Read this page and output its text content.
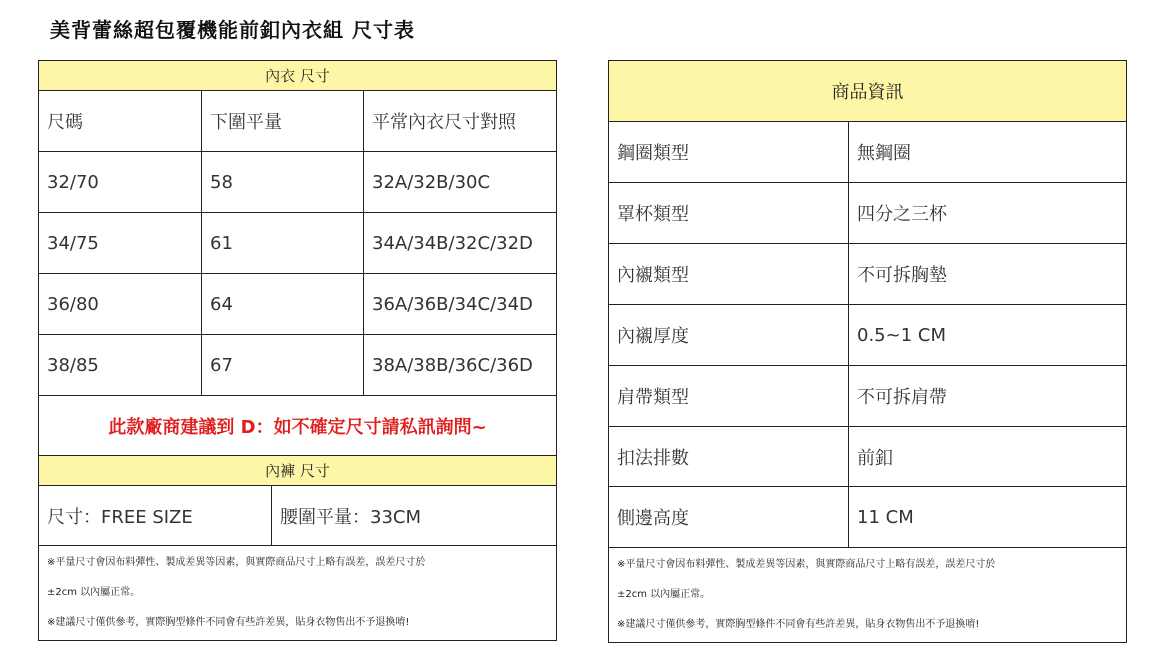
美背蕾絲超包覆機能前釦內衣組 尺寸表
內衣 尺寸			
尺碼	下圍平量		平常內衣尺寸對照
32/70	58		32A/32B/30C
34/75	61		34A/34B/32C/32D
36/80	64		36A/36B/34C/34D
38/85	67		38A/38B/36C/36D
此款廠商建議到 D：如不確定尺寸請私訊詢問~			
內褲 尺寸			
尺寸：FREE SIZE		腰圍平量：33CM	

※平量尺寸會因布料彈性、製成差異等因素，與實際商品尺寸上略有誤差，誤差尺寸於
±2cm 以內屬正常。
※建議尺寸僅供參考，實際胸型條件不同會有些許差異，貼身衣物售出不予退換唷!			
商品資訊	
鋼圈類型	無鋼圈
罩杯類型	四分之三杯
內襯類型	不可拆胸墊
內襯厚度	0.5~1 CM
肩帶類型	不可拆肩帶
扣法排數	前釦
側邊高度	11 CM

※平量尺寸會因布料彈性、製成差異等因素，與實際商品尺寸上略有誤差，誤差尺寸於
±2cm 以內屬正常。
※建議尺寸僅供參考，實際胸型條件不同會有些許差異，貼身衣物售出不予退換唷!	
